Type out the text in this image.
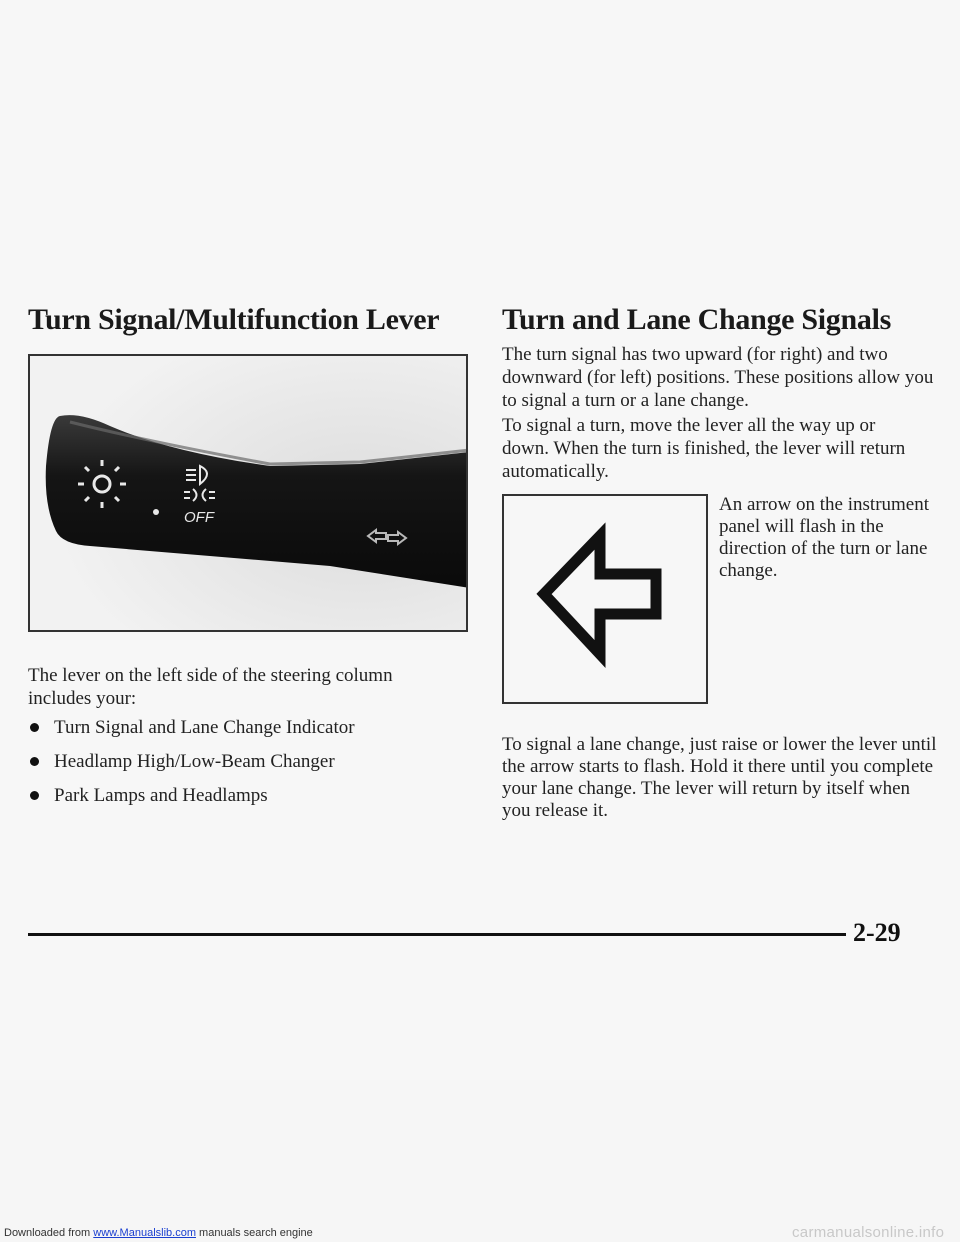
Turn Signal/Multifunction Lever
OFF
The lever on the left side of the steering column includes your:
Turn Signal and Lane Change Indicator
Headlamp High/Low-Beam Changer
Park Lamps and Headlamps
Turn and Lane Change Signals
The turn signal has two upward (for right) and two downward (for left) positions. These positions allow you to signal a turn or a lane change.
To signal a turn, move the lever all the way up or down. When the turn is finished, the lever will return automatically.
An arrow on the instrument panel will flash in the direction of the turn or lane change.
To signal a lane change, just raise or lower the lever until the arrow starts to flash. Hold it there until you complete your lane change. The lever will return by itself when you release it.
2-29
Downloaded from www.Manualslib.com manuals search engine	carmanualsonline.info
